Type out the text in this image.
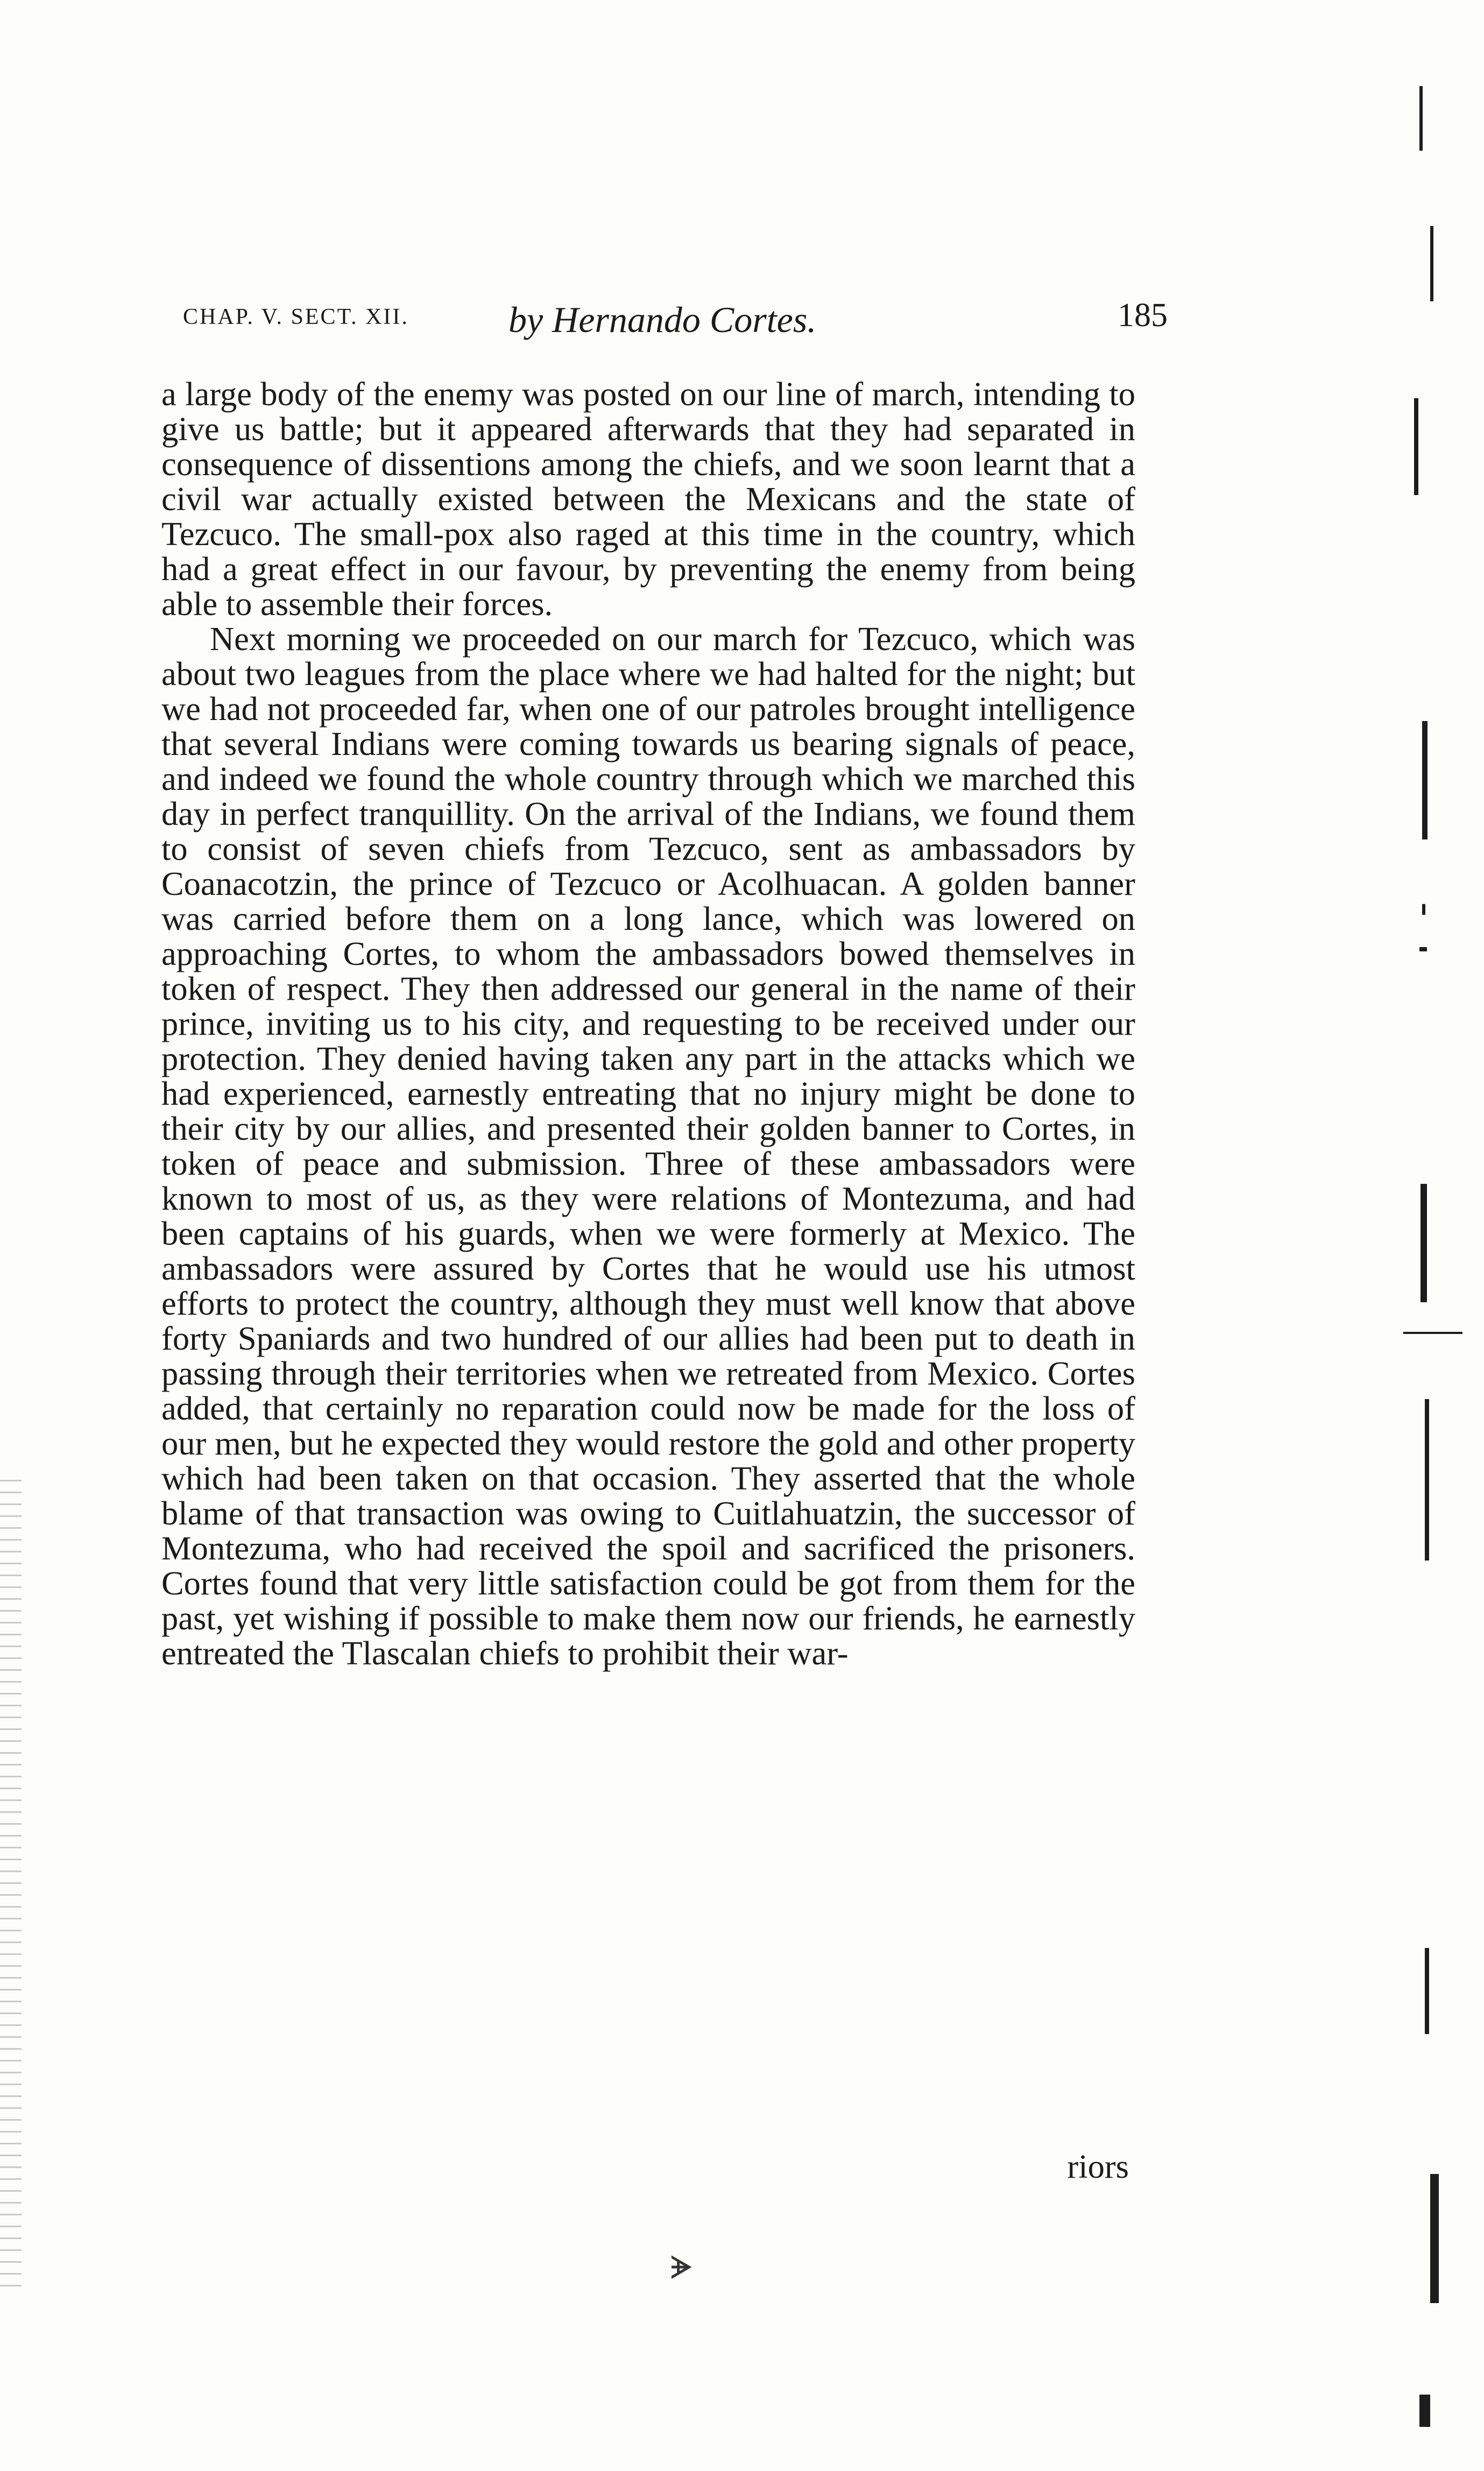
CHAP. V. SECT. XII.	by Hernando Cortes.	185

a large body of the enemy was posted on our line of march, intending to give us battle; but it appeared afterwards that they had separated in consequence of dissentions among the chiefs, and we soon learnt that a civil war actually existed between the Mexicans and the state of Tezcuco. The small-pox also raged at this time in the country, which had a great effect in our favour, by preventing the enemy from being able to assemble their forces.

Next morning we proceeded on our march for Tezcuco, which was about two leagues from the place where we had halted for the night; but we had not proceeded far, when one of our patroles brought intelligence that several Indians were coming towards us bearing signals of peace, and indeed we found the whole country through which we marched this day in perfect tranquillity. On the arrival of the Indians, we found them to consist of seven chiefs from Tezcuco, sent as ambassadors by Coanacotzin, the prince of Tezcuco or Acolhuacan. A golden banner was carried before them on a long lance, which was lowered on approaching Cortes, to whom the ambassadors bowed themselves in token of respect. They then addressed our general in the name of their prince, inviting us to his city, and requesting to be received under our protection. They denied having taken any part in the attacks which we had experienced, earnestly entreating that no injury might be done to their city by our allies, and presented their golden banner to Cortes, in token of peace and submission. Three of these ambassadors were known to most of us, as they were relations of Montezuma, and had been captains of his guards, when we were formerly at Mexico. The ambassadors were assured by Cortes that he would use his utmost efforts to protect the country, although they must well know that above forty Spaniards and two hundred of our allies had been put to death in passing through their territories when we retreated from Mexico. Cortes added, that certainly no reparation could now be made for the loss of our men, but he expected they would restore the gold and other property which had been taken on that occasion. They asserted that the whole blame of that transaction was owing to Cuitlahuatzin, the successor of Montezuma, who had received the spoil and sacrificed the prisoners. Cortes found that very little satisfaction could be got from them for the past, yet wishing if possible to make them now our friends, he earnestly entreated the Tlascalan chiefs to prohibit their war-

riors
ᗘ
